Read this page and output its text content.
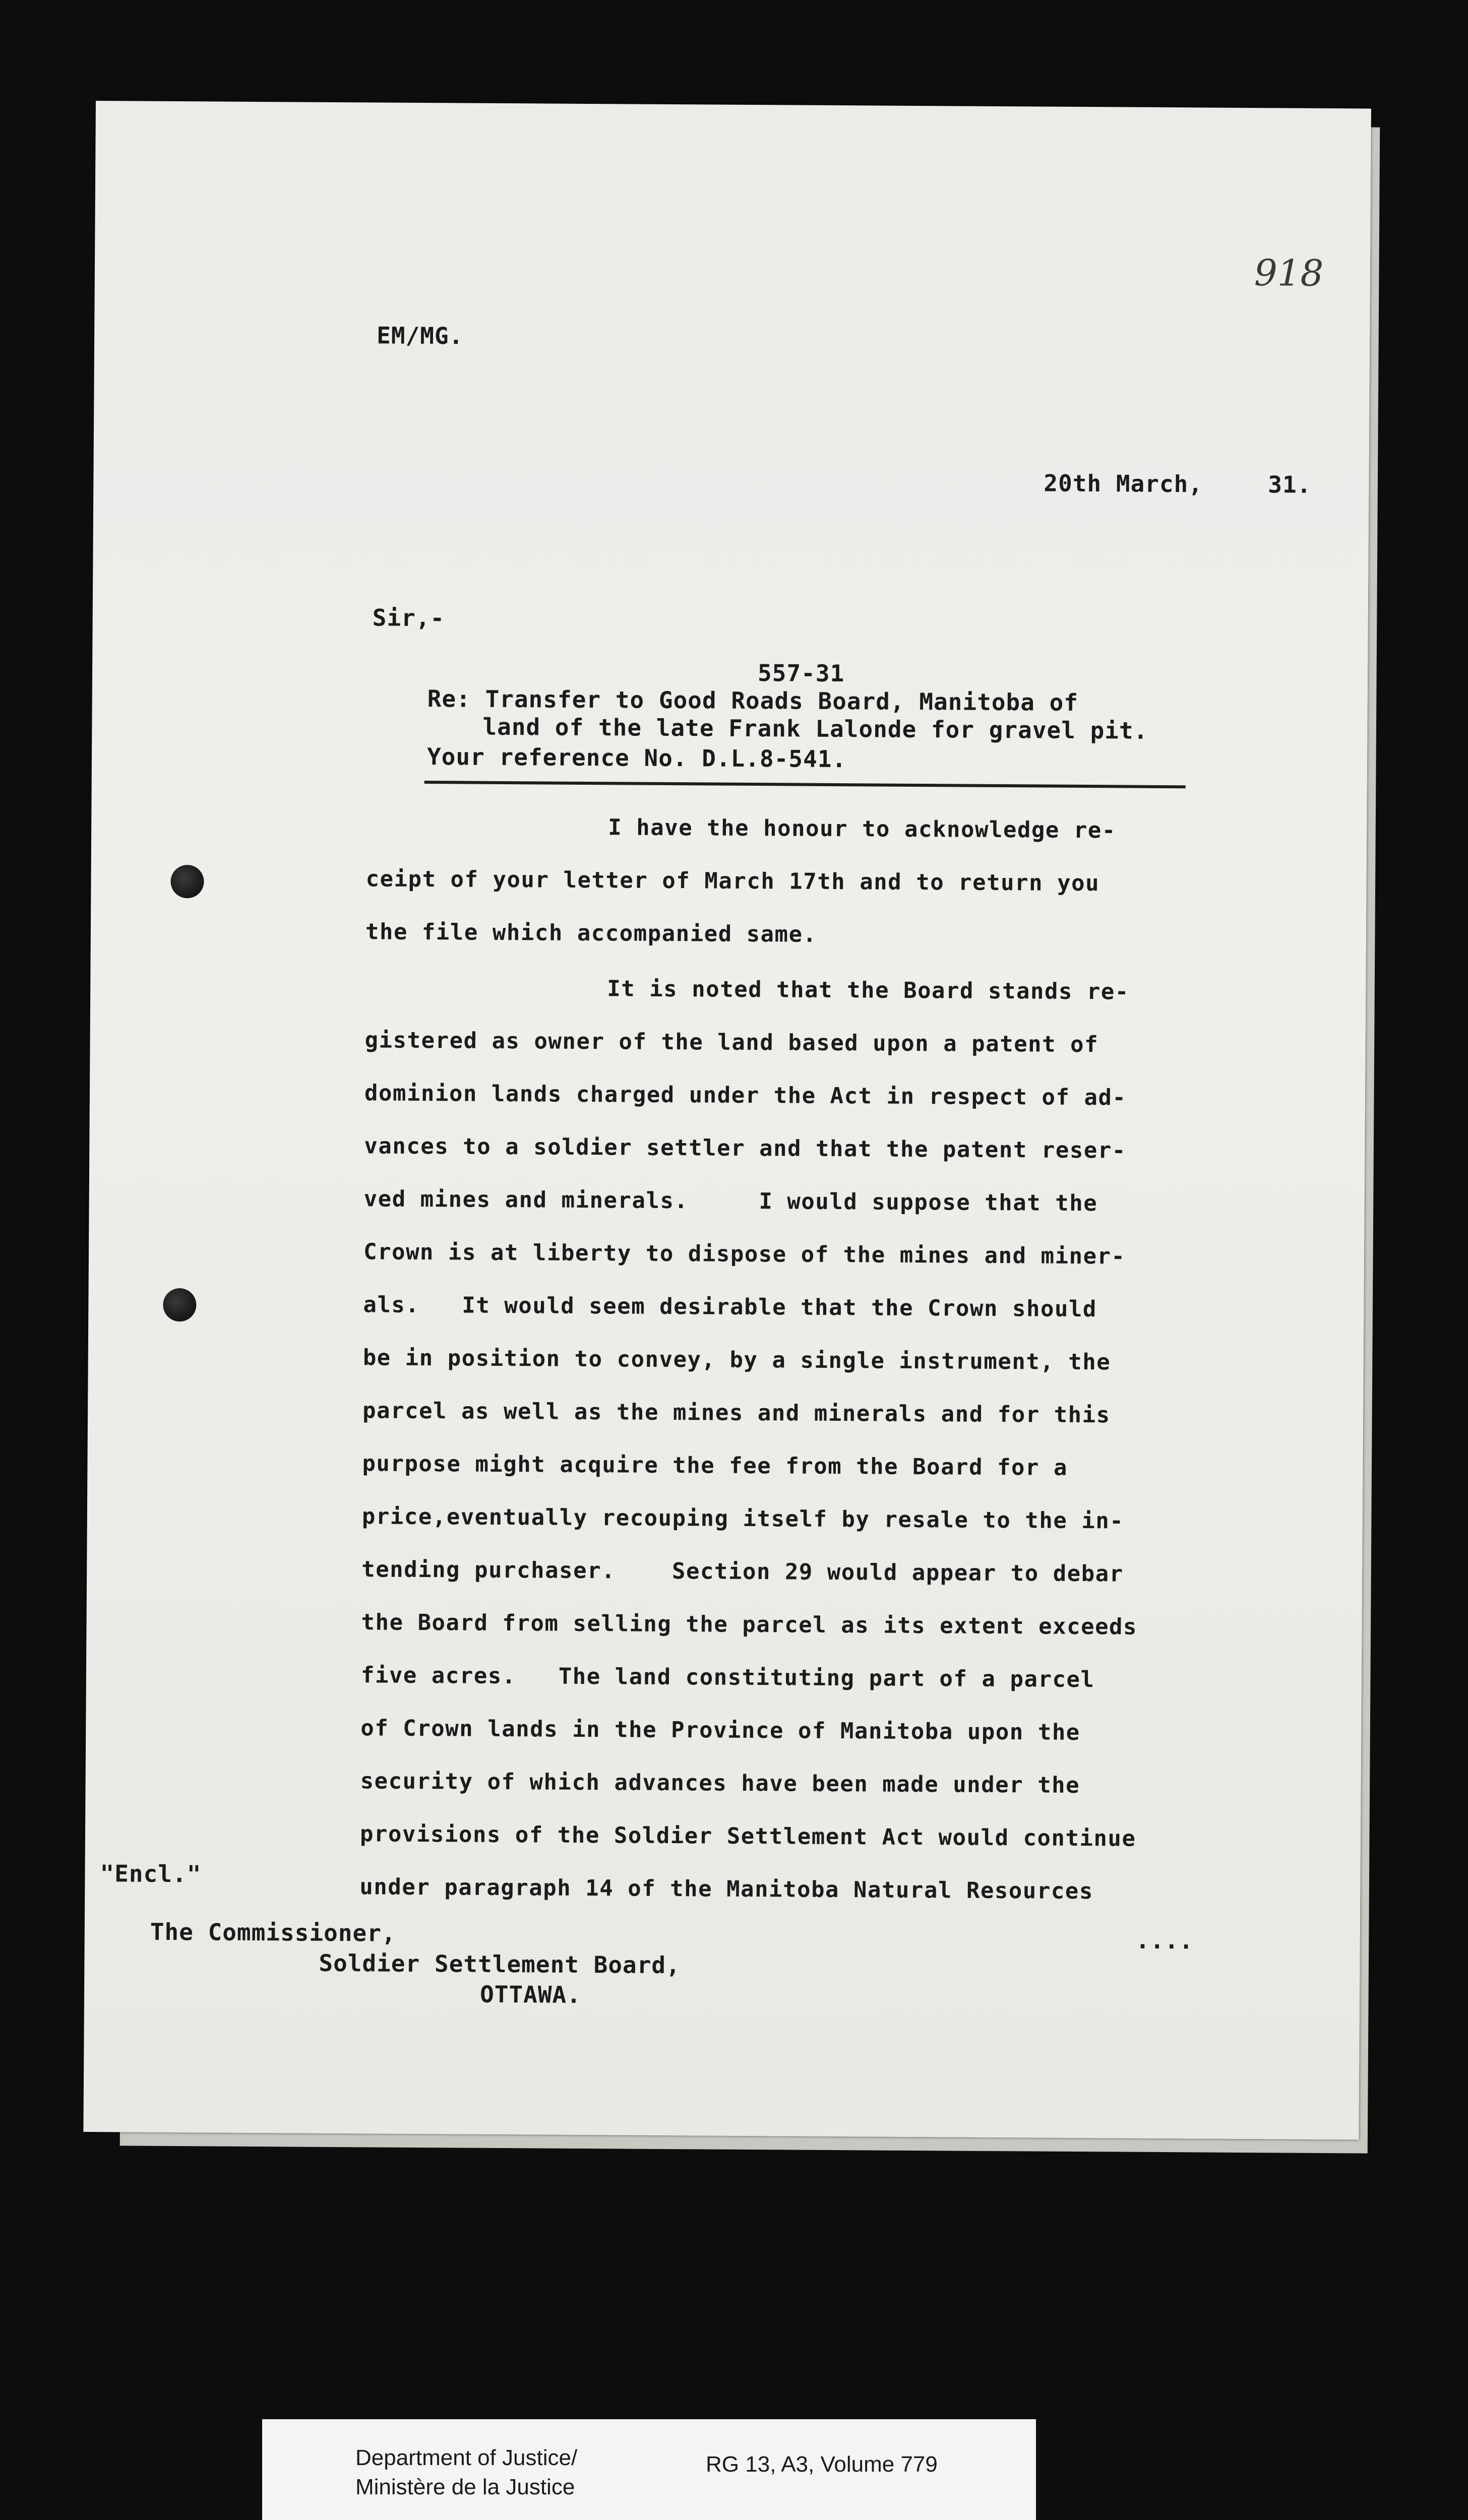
918
EM/MG.
20th March,	31.
Sir,-
557-31
Re: Transfer to Good Roads Board, Manitoba of
land of the late Frank Lalonde for gravel pit.
Your reference No. D.L.8-541.
I have the honour to acknowledge re-
ceipt of your letter of March 17th and to return you
the file which accompanied same.
It is noted that the Board stands re-
gistered as owner of the land based upon a patent of
dominion lands charged under the Act in respect of ad-
vances to a soldier settler and that the patent reser-
ved mines and minerals.     I would suppose that the
Crown is at liberty to dispose of the mines and miner-
als.   It would seem desirable that the Crown should
be in position to convey, by a single instrument, the
parcel as well as the mines and minerals and for this
purpose might acquire the fee from the Board for a
price,eventually recouping itself by resale to the in-
tending purchaser.    Section 29 would appear to debar
the Board from selling the parcel as its extent exceeds
five acres.   The land constituting part of a parcel
of Crown lands in the Province of Manitoba upon the
security of which advances have been made under the
provisions of the Soldier Settlement Act would continue
under paragraph 14 of the Manitoba Natural Resources
"Encl."
....
The Commissioner,
Soldier Settlement Board,
OTTAWA.
Department of Justice/
Ministère de la Justice
RG 13, A3, Volume 779
